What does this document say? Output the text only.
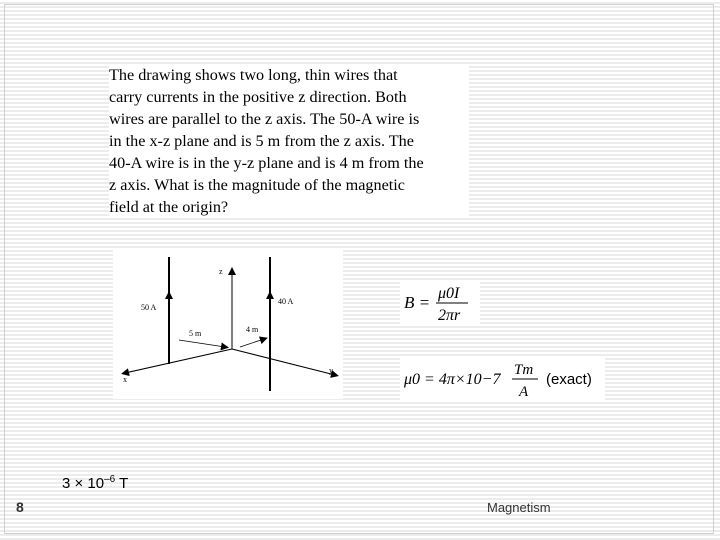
The drawing shows two long, thin wires that

carry currents in the positive z direction. Both

wires are parallel to the z axis. The 50-A wire is

in the x-z plane and is 5 m from the z axis. The

40-A wire is in the y-z plane and is 4 m from the

z axis. What is the magnitude of the magnetic

field at the origin?

z
50 A
40 A
5 m	4 m
x
y
B = μ0I
2πr
μ0 = 4π×10−7
Tm
A
(exact)
$3 \times 10^{-6}$ T
8	Magnetism
